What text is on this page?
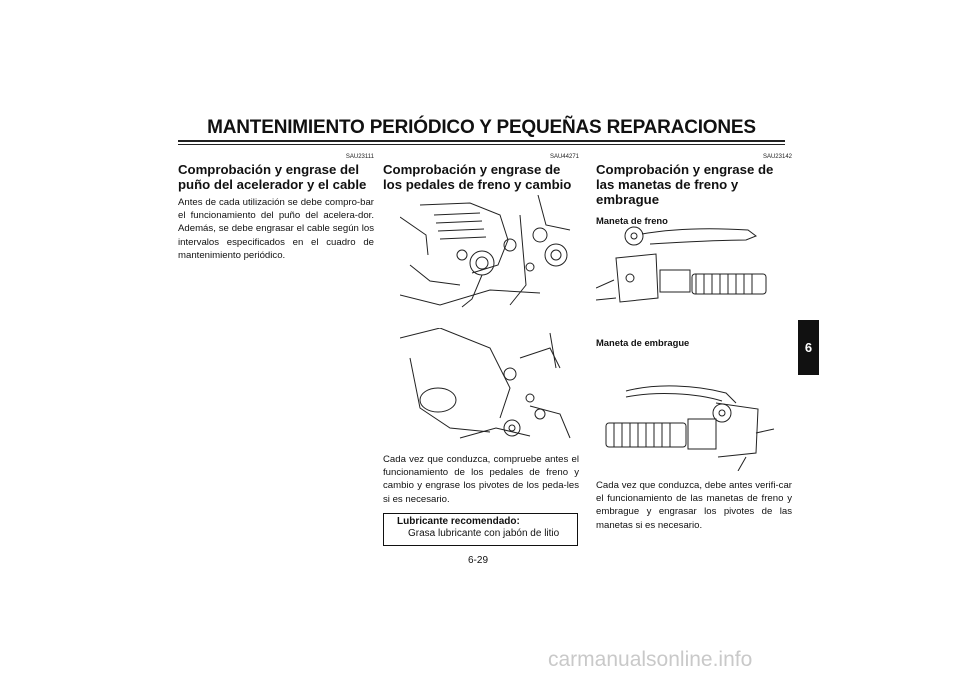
MANTENIMIENTO PERIÓDICO Y PEQUEÑAS REPARACIONES
SAU23111
Comprobación y engrase del puño del acelerador y el cable
Antes de cada utilización se debe compro-bar el funcionamiento del puño del acelera-dor. Además, se debe engrasar el cable según los intervalos especificados en el cuadro de mantenimiento periódico.
SAU44271
Comprobación y engrase de los pedales de freno y cambio
Cada vez que conduzca, compruebe antes el funcionamiento de los pedales de freno y cambio y engrase los pivotes de los peda-les si es necesario.
Lubricante recomendado:
Grasa lubricante con jabón de litio
SAU23142
Comprobación y engrase de las manetas de freno y embrague
Maneta de freno
Maneta de embrague
Cada vez que conduzca, debe antes verifi-car el funcionamiento de las manetas de freno y embrague y engrasar los pivotes de las manetas si es necesario.
6-29
6
carmanualsonline.info
